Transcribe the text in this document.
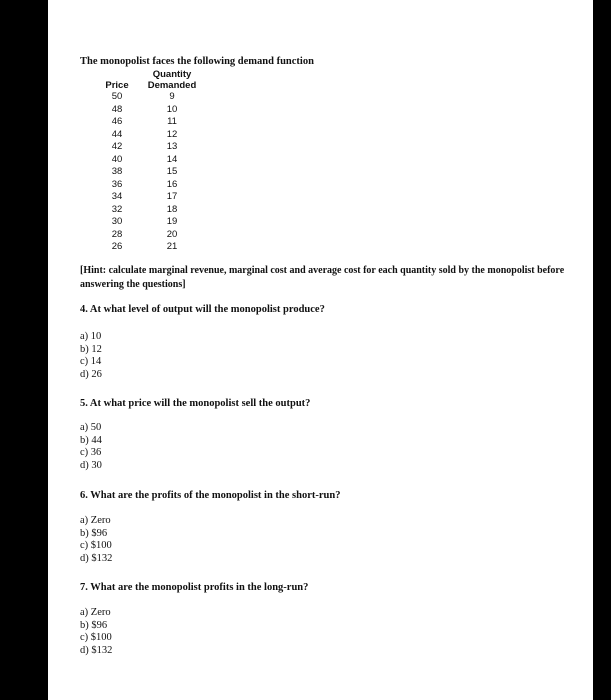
The monopolist faces the following demand function
	Quantity
Price	Demanded
50	9
48	10
46	11
44	12
42	13
40	14
38	15
36	16
34	17
32	18
30	19
28	20
26	21
[Hint: calculate marginal revenue, marginal cost and average cost for each quantity sold by the monopolist before answering the questions]
4. At what level of output will the monopolist produce?
a) 10
b) 12
c) 14
d) 26
5. At what price will the monopolist sell the output?
a) 50
b) 44
c) 36
d) 30
6. What are the profits of the monopolist in the short-run?
a) Zero
b) $96
c) $100
d) $132
7. What are the monopolist profits in the long-run?
a) Zero
b) $96
c) $100
d) $132
